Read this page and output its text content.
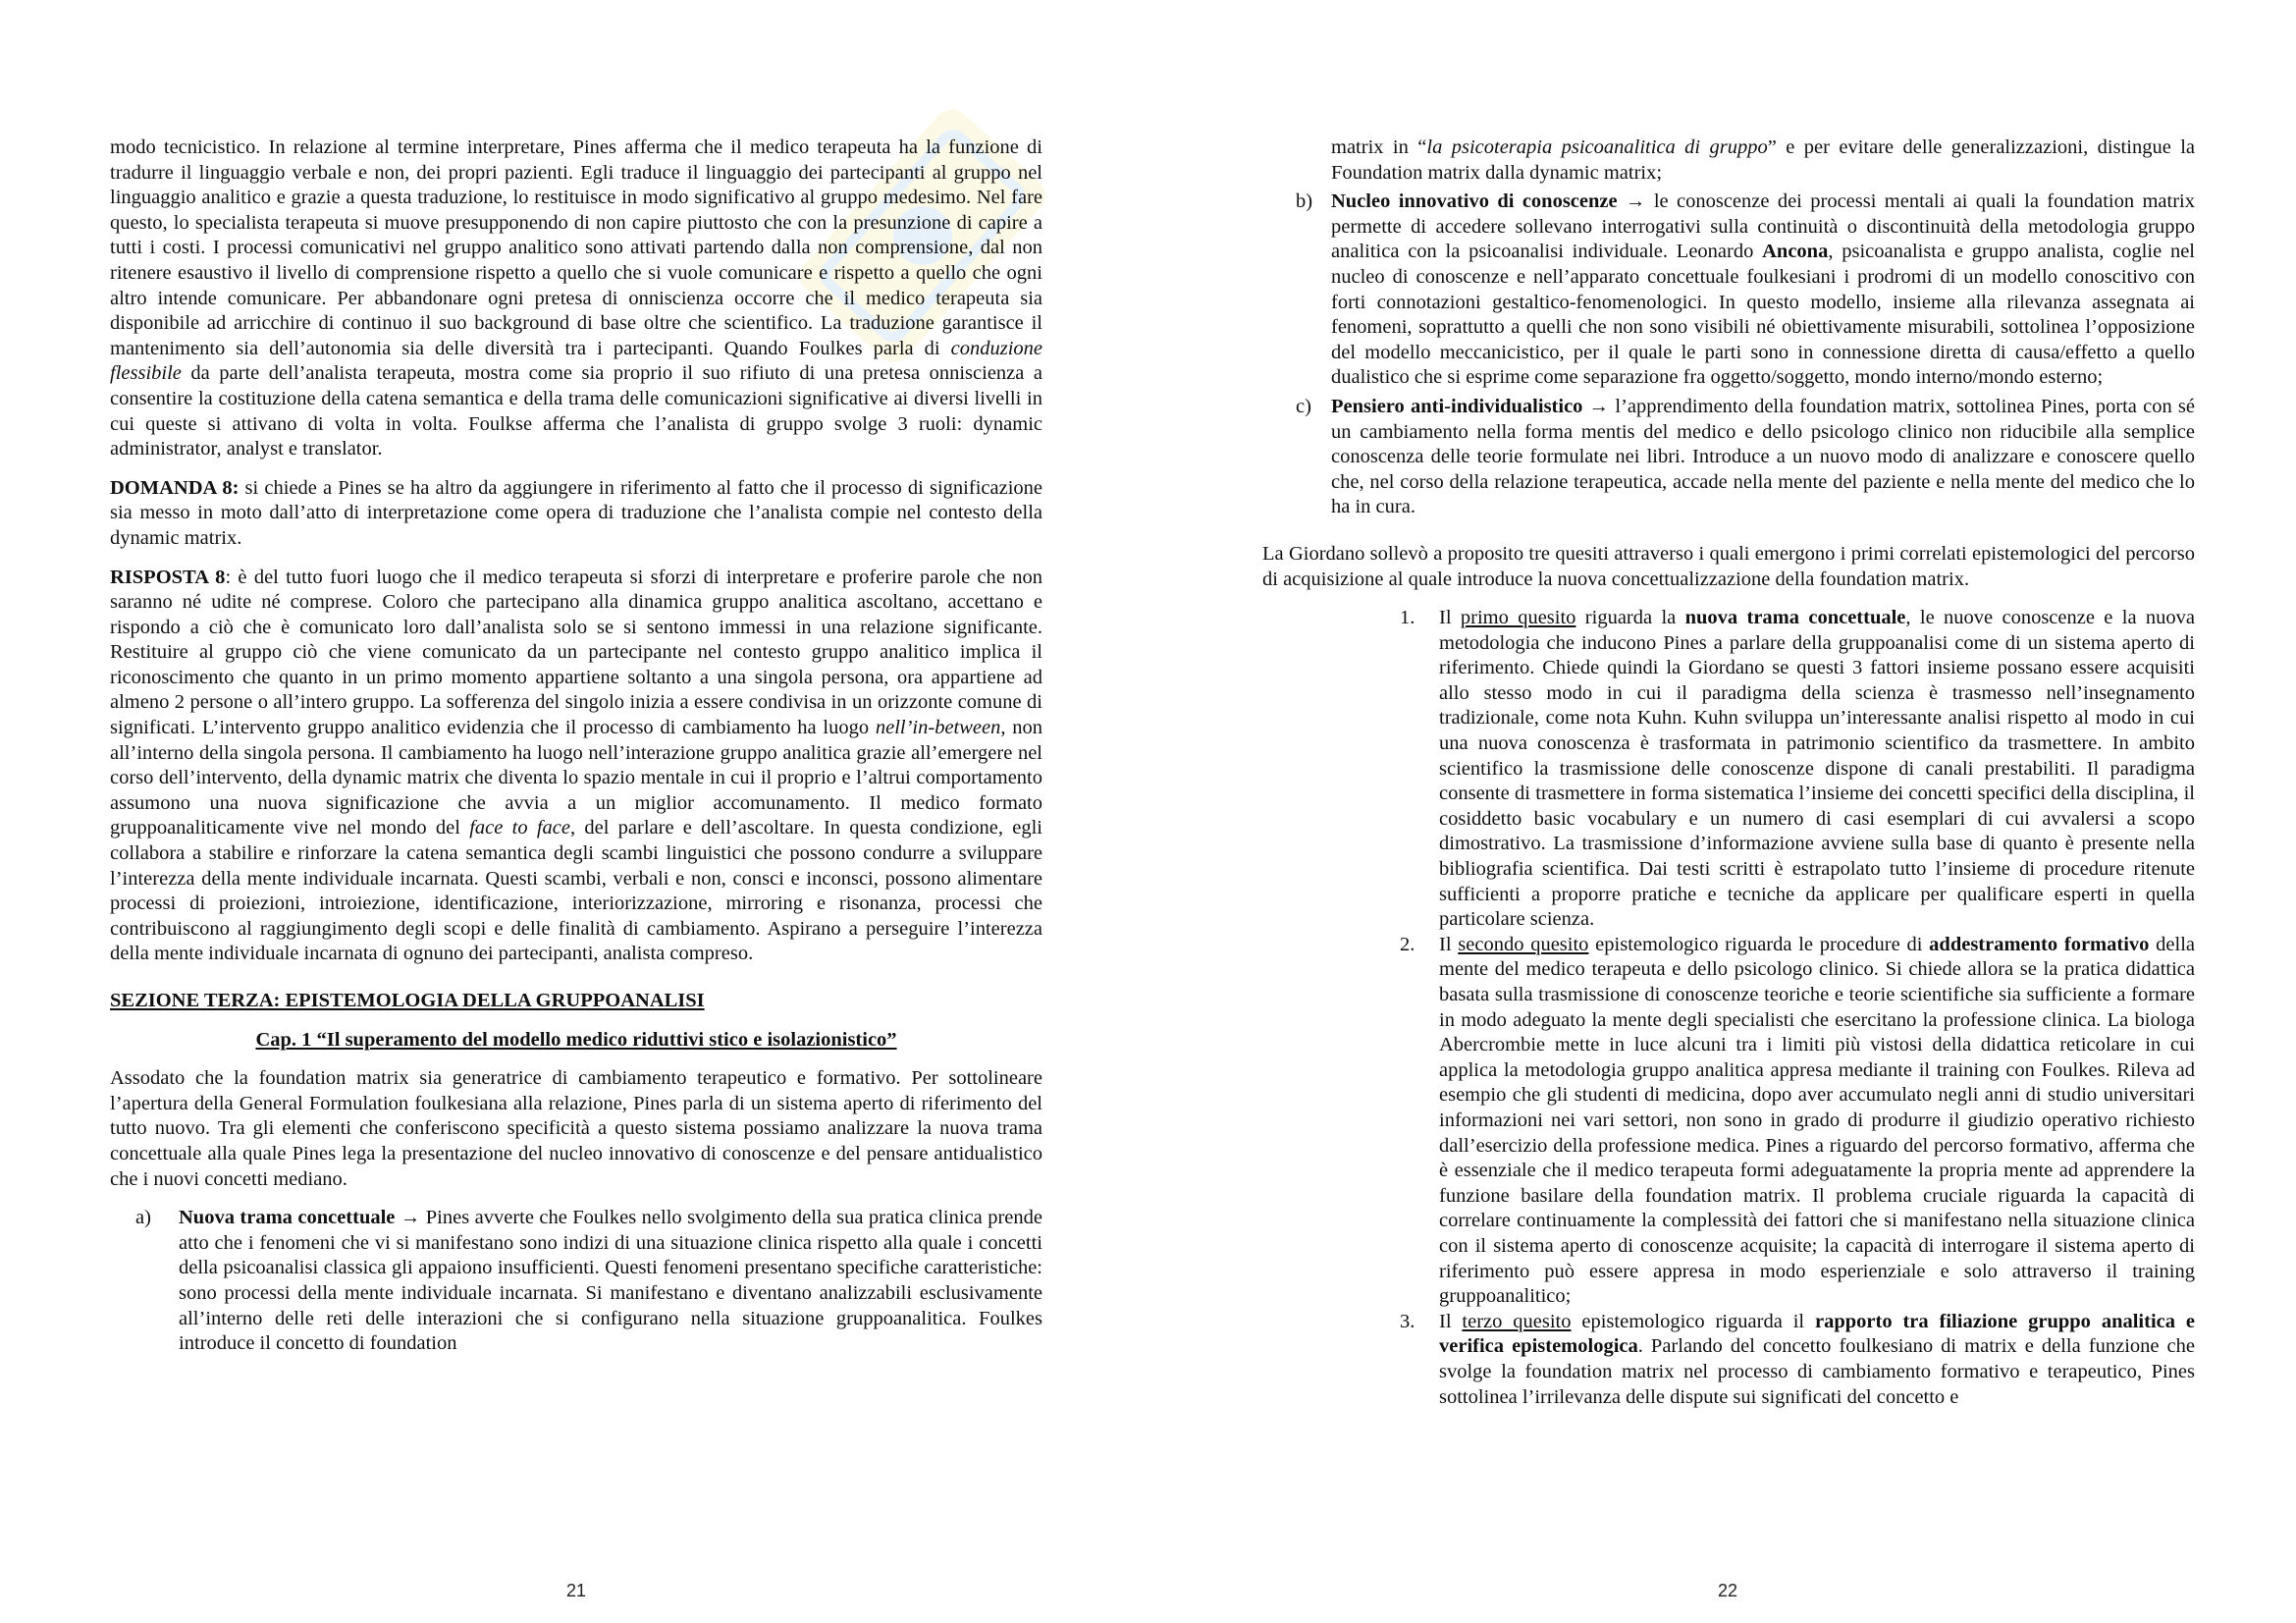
modo tecnicistico. In relazione al termine interpretare, Pines afferma che il medico terapeuta ha la funzione di tradurre il linguaggio verbale e non, dei propri pazienti. Egli traduce il linguaggio dei partecipanti al gruppo nel linguaggio analitico e grazie a questa traduzione, lo restituisce in modo significativo al gruppo medesimo. Nel fare questo, lo specialista terapeuta si muove presupponendo di non capire piuttosto che con la presunzione di capire a tutti i costi. I processi comunicativi nel gruppo analitico sono attivati partendo dalla non comprensione, dal non ritenere esaustivo il livello di comprensione rispetto a quello che si vuole comunicare e rispetto a quello che ogni altro intende comunicare. Per abbandonare ogni pretesa di onniscienza occorre che il medico terapeuta sia disponibile ad arricchire di continuo il suo background di base oltre che scientifico. La traduzione garantisce il mantenimento sia dell’autonomia sia delle diversità tra i partecipanti. Quando Foulkes parla di conduzione flessibile da parte dell’analista terapeuta, mostra come sia proprio il suo rifiuto di una pretesa onniscienza a consentire la costituzione della catena semantica e della trama delle comunicazioni significative ai diversi livelli in cui queste si attivano di volta in volta. Foulkse afferma che l’analista di gruppo svolge 3 ruoli: dynamic administrator, analyst e translator.

DOMANDA 8: si chiede a Pines se ha altro da aggiungere in riferimento al fatto che il processo di significazione sia messo in moto dall’atto di interpretazione come opera di traduzione che l’analista compie nel contesto della dynamic matrix.

RISPOSTA 8: è del tutto fuori luogo che il medico terapeuta si sforzi di interpretare e proferire parole che non saranno né udite né comprese. Coloro che partecipano alla dinamica gruppo analitica ascoltano, accettano e rispondo a ciò che è comunicato loro dall’analista solo se si sentono immessi in una relazione significante. Restituire al gruppo ciò che viene comunicato da un partecipante nel contesto gruppo analitico implica il riconoscimento che quanto in un primo momento appartiene soltanto a una singola persona, ora appartiene ad almeno 2 persone o all’intero gruppo. La sofferenza del singolo inizia a essere condivisa in un orizzonte comune di significati. L’intervento gruppo analitico evidenzia che il processo di cambiamento ha luogo nell’in-between, non all’interno della singola persona. Il cambiamento ha luogo nell’interazione gruppo analitica grazie all’emergere nel corso dell’intervento, della dynamic matrix che diventa lo spazio mentale in cui il proprio e l’altrui comportamento assumono una nuova significazione che avvia a un miglior accomunamento. Il medico formato gruppoanaliticamente vive nel mondo del face to face, del parlare e dell’ascoltare. In questa condizione, egli collabora a stabilire e rinforzare la catena semantica degli scambi linguistici che possono condurre a sviluppare l’interezza della mente individuale incarnata. Questi scambi, verbali e non, consci e inconsci, possono alimentare processi di proiezioni, introiezione, identificazione, interiorizzazione, mirroring e risonanza, processi che contribuiscono al raggiungimento degli scopi e delle finalità di cambiamento. Aspirano a perseguire l’interezza della mente individuale incarnata di ognuno dei partecipanti, analista compreso.

SEZIONE TERZA: EPISTEMOLOGIA DELLA GRUPPOANALISI
Cap. 1 “Il superamento del modello medico riduttivi stico e isolazionistico”

Assodato che la foundation matrix sia generatrice di cambiamento terapeutico e formativo. Per sottolineare l’apertura della General Formulation foulkesiana alla relazione, Pines parla di un sistema aperto di riferimento del tutto nuovo. Tra gli elementi che conferiscono specificità a questo sistema possiamo analizzare la nuova trama concettuale alla quale Pines lega la presentazione del nucleo innovativo di conoscenze e del pensare antidualistico che i nuovi concetti mediano.

a) Nuova trama concettuale → Pines avverte che Foulkes nello svolgimento della sua pratica clinica prende atto che i fenomeni che vi si manifestano sono indizi di una situazione clinica rispetto alla quale i concetti della psicoanalisi classica gli appaiono insufficienti. Questi fenomeni presentano specifiche caratteristiche: sono processi della mente individuale incarnata. Si manifestano e diventano analizzabili esclusivamente all’interno delle reti delle interazioni che si configurano nella situazione gruppoanalitica. Foulkes introduce il concetto di foundation
matrix in “la psicoterapia psicoanalitica di gruppo” e per evitare delle generalizzazioni, distingue la Foundation matrix dalla dynamic matrix;
b) Nucleo innovativo di conoscenze → le conoscenze dei processi mentali ai quali la foundation matrix permette di accedere sollevano interrogativi sulla continuità o discontinuità della metodologia gruppo analitica con la psicoanalisi individuale. Leonardo Ancona, psicoanalista e gruppo analista, coglie nel nucleo di conoscenze e nell’apparato concettuale foulkesiani i prodromi di un modello conoscitivo con forti connotazioni gestaltico-fenomenologici. In questo modello, insieme alla rilevanza assegnata ai fenomeni, soprattutto a quelli che non sono visibili né obiettivamente misurabili, sottolinea l’opposizione del modello meccanicistico, per il quale le parti sono in connessione diretta di causa/effetto a quello dualistico che si esprime come separazione fra oggetto/soggetto, mondo interno/mondo esterno;
c) Pensiero anti-individualistico → l’apprendimento della foundation matrix, sottolinea Pines, porta con sé un cambiamento nella forma mentis del medico e dello psicologo clinico non riducibile alla semplice conoscenza delle teorie formulate nei libri. Introduce a un nuovo modo di analizzare e conoscere quello che, nel corso della relazione terapeutica, accade nella mente del paziente e nella mente del medico che lo ha in cura.

La Giordano sollevò a proposito tre quesiti attraverso i quali emergono i primi correlati epistemologici del percorso di acquisizione al quale introduce la nuova concettualizzazione della foundation matrix.

1. Il primo quesito riguarda la nuova trama concettuale, le nuove conoscenze e la nuova metodologia che inducono Pines a parlare della gruppoanalisi come di un sistema aperto di riferimento. Chiede quindi la Giordano se questi 3 fattori insieme possano essere acquisiti allo stesso modo in cui il paradigma della scienza è trasmesso nell’insegnamento tradizionale, come nota Kuhn. Kuhn sviluppa un’interessante analisi rispetto al modo in cui una nuova conoscenza è trasformata in patrimonio scientifico da trasmettere. In ambito scientifico la trasmissione delle conoscenze dispone di canali prestabiliti. Il paradigma consente di trasmettere in forma sistematica l’insieme dei concetti specifici della disciplina, il cosiddetto basic vocabulary e un numero di casi esemplari di cui avvalersi a scopo dimostrativo. La trasmissione d’informazione avviene sulla base di quanto è presente nella bibliografia scientifica. Dai testi scritti è estrapolato tutto l’insieme di procedure ritenute sufficienti a proporre pratiche e tecniche da applicare per qualificare esperti in quella particolare scienza.
2. Il secondo quesito epistemologico riguarda le procedure di addestramento formativo della mente del medico terapeuta e dello psicologo clinico. Si chiede allora se la pratica didattica basata sulla trasmissione di conoscenze teoriche e teorie scientifiche sia sufficiente a formare in modo adeguato la mente degli specialisti che esercitano la professione clinica. La biologa Abercrombie mette in luce alcuni tra i limiti più vistosi della didattica reticolare in cui applica la metodologia gruppo analitica appresa mediante il training con Foulkes. Rileva ad esempio che gli studenti di medicina, dopo aver accumulato negli anni di studio universitari informazioni nei vari settori, non sono in grado di produrre il giudizio operativo richiesto dall’esercizio della professione medica. Pines a riguardo del percorso formativo, afferma che è essenziale che il medico terapeuta formi adeguatamente la propria mente ad apprendere la funzione basilare della foundation matrix. Il problema cruciale riguarda la capacità di correlare continuamente la complessità dei fattori che si manifestano nella situazione clinica con il sistema aperto di conoscenze acquisite; la capacità di interrogare il sistema aperto di riferimento può essere appresa in modo esperienziale e solo attraverso il training gruppoanalitico;
3. Il terzo quesito epistemologico riguarda il rapporto tra filiazione gruppo analitica e verifica epistemologica. Parlando del concetto foulkesiano di matrix e della funzione che svolge la foundation matrix nel processo di cambiamento formativo e terapeutico, Pines sottolinea l’irrilevanza delle dispute sui significati del concetto e
21	22
